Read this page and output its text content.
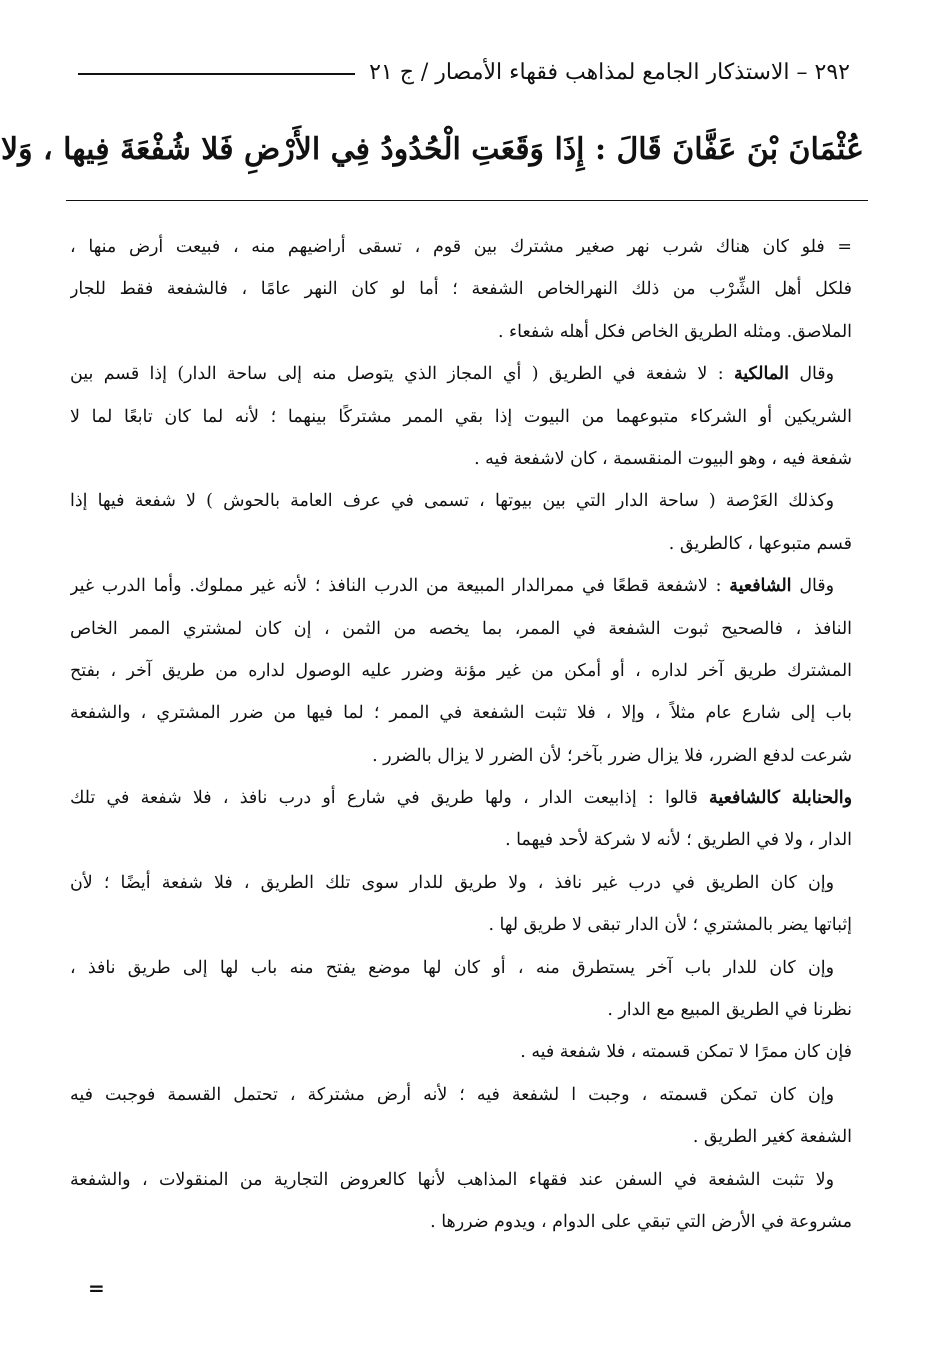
٢٩٢ – الاستذكار الجامع لمذاهب فقهاء الأمصار / ج ٢١
عُثْمَانَ بْنَ عَفَّانَ قَالَ : إِذَا وَقَعَتِ الْحُدُودُ فِي الأَرْضِ فَلا شُفْعَةَ فِيها ، وَلا
= فلو كان هناك شرب نهر صغير مشترك بين قوم ، تسقى أراضيهم منه ، فبيعت أرض منها ،
فلكل أهل الشِّرْب من ذلك النهرالخاص الشفعة ؛ أما لو كان النهر عامًا ، فالشفعة فقط للجار
الملاصق. ومثله الطريق الخاص فكل أهله شفعاء .
وقال المالكية : لا شفعة في الطريق ( أي المجاز الذي يتوصل منه إلى ساحة الدار) إذا قسم بين
الشريكين أو الشركاء متبوعهما من البيوت إذا بقي الممر مشتركًا بينهما ؛ لأنه لما كان تابعًا لما لا
شفعة فيه ، وهو البيوت المنقسمة ، كان لاشفعة فيه .
وكذلك العَرْصة ( ساحة الدار التي بين بيوتها ، تسمى في عرف العامة بالحوش ) لا شفعة فيها إذا
قسم متبوعها ، كالطريق .
وقال الشافعية : لاشفعة قطعًا في ممرالدار المبيعة من الدرب النافذ ؛ لأنه غير مملوك. وأما الدرب غير
النافذ ، فالصحيح ثبوت الشفعة في الممر، بما يخصه من الثمن ، إن كان لمشتري الممر الخاص
المشترك طريق آخر لداره ، أو أمكن من غير مؤنة وضرر عليه الوصول لداره من طريق آخر ، بفتح
باب إلى شارع عام مثلاً ، وإلا ، فلا تثبت الشفعة في الممر ؛ لما فيها من ضرر المشتري ، والشفعة
شرعت لدفع الضرر، فلا يزال ضرر بآخر؛ لأن الضرر لا يزال بالضرر .
والحنابلة كالشافعية قالوا : إذابيعت الدار ، ولها طريق في شارع أو درب نافذ ، فلا شفعة في تلك
الدار ، ولا في الطريق ؛ لأنه لا شركة لأحد فيهما .
وإن كان الطريق في درب غير نافذ ، ولا طريق للدار سوى تلك الطريق ، فلا شفعة أيضًا ؛ لأن
إثباتها يضر بالمشتري ؛ لأن الدار تبقى لا طريق لها .
وإن كان للدار باب آخر يستطرق منه ، أو كان لها موضع يفتح منه باب لها إلى طريق نافذ ،
نظرنا في الطريق المبيع مع الدار .
فإن كان ممرًا لا تمكن قسمته ، فلا شفعة فيه .
وإن كان تمكن قسمته ، وجبت ا لشفعة فيه ؛ لأنه أرض مشتركة ، تحتمل القسمة فوجبت فيه
الشفعة كغير الطريق .
ولا تثبت الشفعة في السفن عند فقهاء المذاهب لأنها كالعروض التجارية من المنقولات ، والشفعة
مشروعة في الأرض التي تبقي على الدوام ، ويدوم ضررها .
=
